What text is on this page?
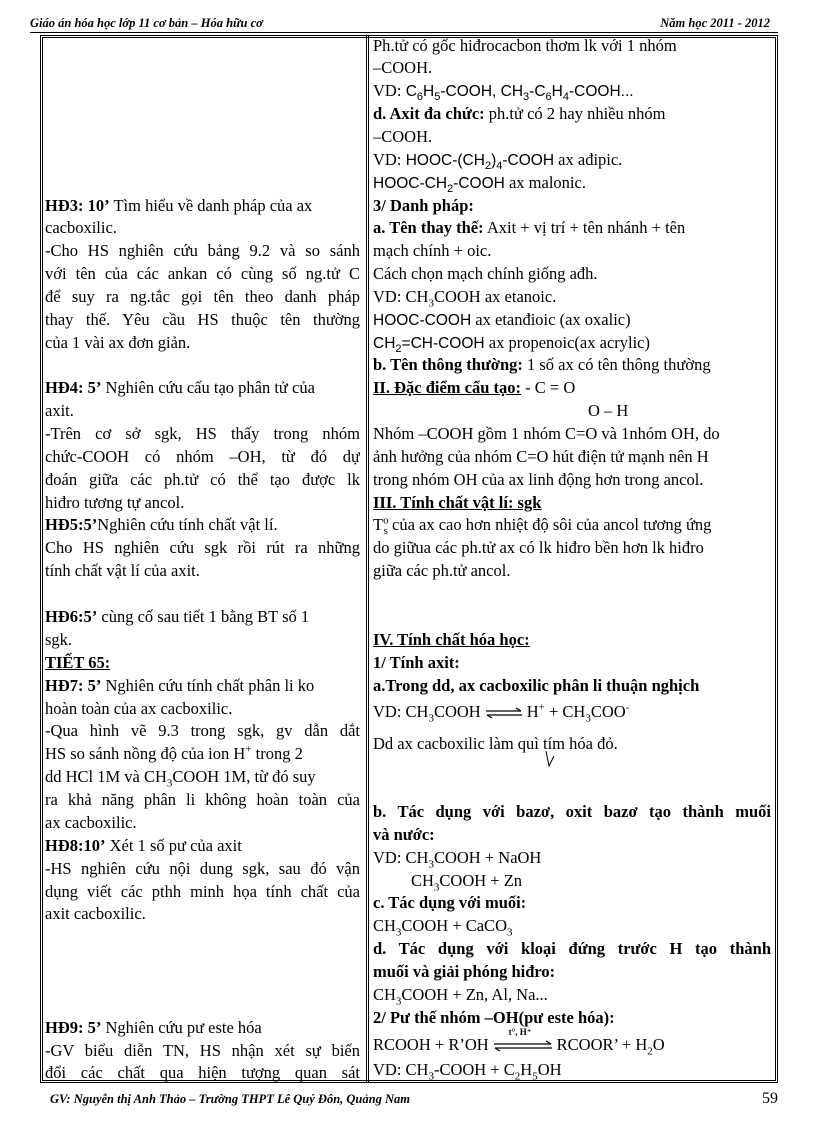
Giáo án hóa học lớp 11 cơ bản – Hóa hữu cơ	Năm học 2011 - 2012
HĐ3: 10’ Tìm hiểu về danh pháp của ax
cacboxilic.
-Cho HS nghiên cứu bảng 9.2 và so sánh
với tên của các ankan có cùng số ng.tử C
để suy ra ng.tắc gọi tên theo danh pháp
thay thế. Yêu cầu HS thuộc tên thường
của 1 vài ax đơn giản.
HĐ4: 5’ Nghiên cứu cấu tạo phân tử của
axit.
-Trên cơ sở sgk, HS thấy trong nhóm
chức-COOH có nhóm –OH, từ đó dự
đoán giữa các ph.tử có thể tạo được lk
hiđro tương tự ancol.
HĐ5:5’Nghiên cứu tính chất vật lí.
Cho HS nghiên cứu sgk rồi rút ra những
tính chất vật lí của axit.
HĐ6:5’ cùng cố sau tiết 1 bằng BT số 1
sgk.
TIẾT 65:
HĐ7: 5’ Nghiên cứu tính chất phân li ko
hoàn toàn của ax cacboxilic.
-Qua hình vẽ 9.3 trong sgk, gv dẫn dắt
HS so sánh nồng độ của ion H+ trong 2
dd HCl 1M và $CH_3COOH$ 1M, từ đó suy
ra khả năng phân li không hoàn toàn của
ax cacboxilic.
HĐ8:10’ Xét 1 số pư của axit
-HS nghiên cứu nội dung sgk, sau đó vận
dụng viết các pthh minh họa tính chất của
axit cacboxilic.
HĐ9: 5’ Nghiên cứu pư este hóa
-GV biểu diễn TN, HS nhận xét sự biến
đổi các chất qua hiện tượng quan sát
Ph.tử có gốc hiđrocacbon thơm lk với 1 nhóm
–COOH.
VD: $C_6H_5$-COOH, $CH_3-C_6H_4$-COOH...
d. Axit đa chức: ph.tử có 2 hay nhiều nhóm
–COOH.
VD: HOOC-$(CH_2)_4$-COOH ax ađipic.
HOOC-$CH_2$-COOH ax malonic.
3/ Danh pháp:
a. Tên thay thế: Axit + vị trí + tên nhánh + tên
mạch chính + oic.
Cách chọn mạch chính giống ađh.
VD: $CH_3COOH$ ax etanoic.
HOOC-COOH ax etanđioic (ax oxalic)
$CH_2=CH$-COOH ax propenoic(ax acrylic)
b. Tên thông thường: 1 số ax có tên thông thường
II. Đặc điểm cấu tạo: - C = O
O – H
Nhóm –COOH gồm 1 nhóm C=O và 1nhóm OH, do
ảnh hưởng của nhóm C=O hút điện tử mạnh nên H
trong nhóm OH của ax linh động hơn trong ancol.
III. Tính chất vật lí: sgk
$T^o_s$ của ax cao hơn nhiệt độ sôi của ancol tương ứng
do giữua các ph.tử ax có lk hiđro bền hơn lk hiđro
giữa các ph.tử ancol.
IV. Tính chất hóa học:
1/ Tính axit:
a.Trong dd, ax cacboxilic phân li thuận nghịch
VD: $CH_3COOH$ ⇌ $H^+ + CH_3COO^-$
Dd ax cacboxilic làm quì tím hóa đỏ.
b. Tác dụng với bazơ, oxit bazơ tạo thành muối
và nước:
VD: $CH_3COOH$ + NaOH
$CH_3COOH + Zn$
c. Tác dụng với muối:
$CH_3COOH$ + CaCO$_3$
d. Tác dụng với kloại đứng trước H tạo thành
muối và giải phóng hiđro:
$CH_3COOH + Zn$, Al, Na...
2/ Pư thế nhóm –OH(pư este hóa):
RCOOH + R’OH
t°, H⁺
RCOOR’ + $H_2O$
VD: $CH_3$-COOH + $C_2H_5OH$
GV: Nguyễn thị Anh Thảo – Trường THPT Lê Quý Đôn, Quảng Nam	59
